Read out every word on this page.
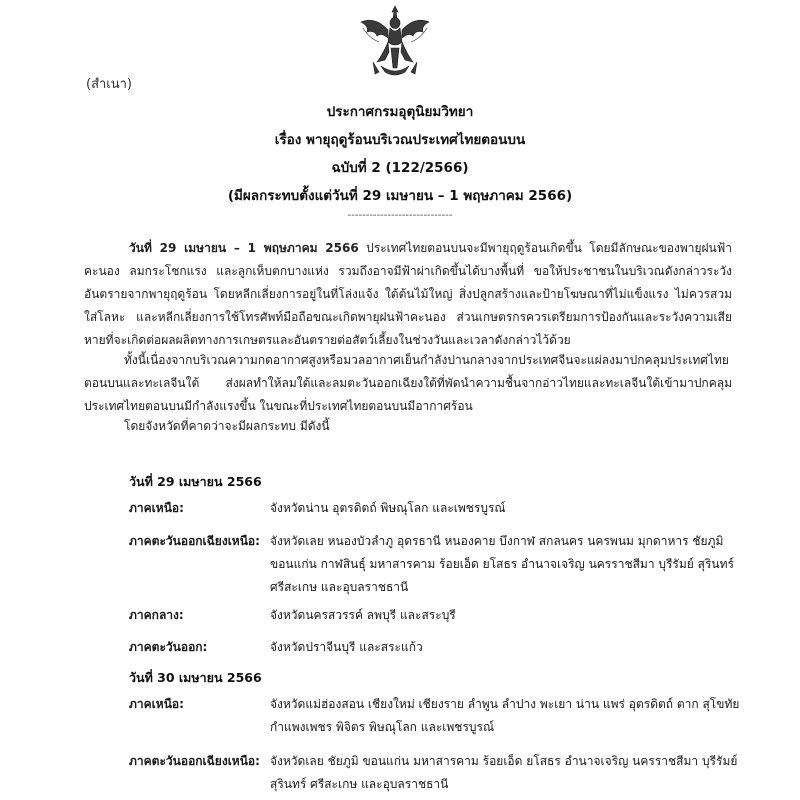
(สำเนา)
ประกาศกรมอุตุนิยมวิทยา
เรื่อง พายุฤดูร้อนบริเวณประเทศไทยตอนบน
ฉบับที่ 2 (122/2566)
(มีผลกระทบตั้งแต่วันที่ 29 เมษายน – 1 พฤษภาคม 2566)
-----------------------------
วันที่ 29 เมษายน – 1 พฤษภาคม 2566 ประเทศไทยตอนบนจะมีพายุฤดูร้อนเกิดขึ้น โดยมีลักษณะของพายุฝนฟ้าคะนอง ลมกระโชกแรง และลูกเห็บตกบางแห่ง รวมถึงอาจมีฟ้าผ่าเกิดขึ้นได้บางพื้นที่ ขอให้ประชาชนในบริเวณดังกล่าวระวังอันตรายจากพายุฤดูร้อน โดยหลีกเลี่ยงการอยู่ในที่โล่งแจ้ง ใต้ต้นไม้ใหญ่ สิ่งปลูกสร้างและป้ายโฆษณาที่ไม่แข็งแรง ไม่ควรสวมใส่โลหะ และหลีกเลี่ยงการใช้โทรศัพท์มือถือขณะเกิดพายุฝนฟ้าคะนอง ส่วนเกษตรกรควรเตรียมการป้องกันและระวังความเสียหายที่จะเกิดต่อผลผลิตทางการเกษตรและอันตรายต่อสัตว์เลี้ยงในช่วงวันและเวลาดังกล่าวไว้ด้วย
ทั้งนี้เนื่องจากบริเวณความกดอากาศสูงหรือมวลอากาศเย็นกำลังปานกลางจากประเทศจีนจะแผ่ลงมาปกคลุมประเทศไทยตอนบนและทะเลจีนใต้ ส่งผลทำให้ลมใต้และลมตะวันออกเฉียงใต้ที่พัดนำความชื้นจากอ่าวไทยและทะเลจีนใต้เข้ามาปกคลุมประเทศไทยตอนบนมีกำลังแรงขึ้น ในขณะที่ประเทศไทยตอนบนมีอากาศร้อน
โดยจังหวัดที่คาดว่าจะมีผลกระทบ มีดังนี้
วันที่ 29 เมษายน 2566
ภาคเหนือ:	จังหวัดน่าน อุตรดิตถ์ พิษณุโลก และเพชรบูรณ์
ภาคตะวันออกเฉียงเหนือ: จังหวัดเลย หนองบัวลำภู อุดรธานี หนองคาย บึงกาฬ สกลนคร นครพนม มุกดาหาร ชัยภูมิ ขอนแก่น กาฬสินธุ์ มหาสารคาม ร้อยเอ็ด ยโสธร อำนาจเจริญ นครราชสีมา บุรีรัมย์ สุรินทร์ ศรีสะเกษ และอุบลราชธานี
ภาคกลาง:	จังหวัดนครสวรรค์ ลพบุรี และสระบุรี
ภาคตะวันออก:	จังหวัดปราจีนบุรี และสระแก้ว
วันที่ 30 เมษายน 2566
ภาคเหนือ:	จังหวัดแม่ฮ่องสอน เชียงใหม่ เชียงราย ลำพูน ลำปาง พะเยา น่าน แพร่ อุตรดิตถ์ ตาก สุโขทัย กำแพงเพชร พิจิตร พิษณุโลก และเพชรบูรณ์
ภาคตะวันออกเฉียงเหนือ: จังหวัดเลย ชัยภูมิ ขอนแก่น มหาสารคาม ร้อยเอ็ด ยโสธร อำนาจเจริญ นครราชสีมา บุรีรัมย์ สุรินทร์ ศรีสะเกษ และอุบลราชธานี
